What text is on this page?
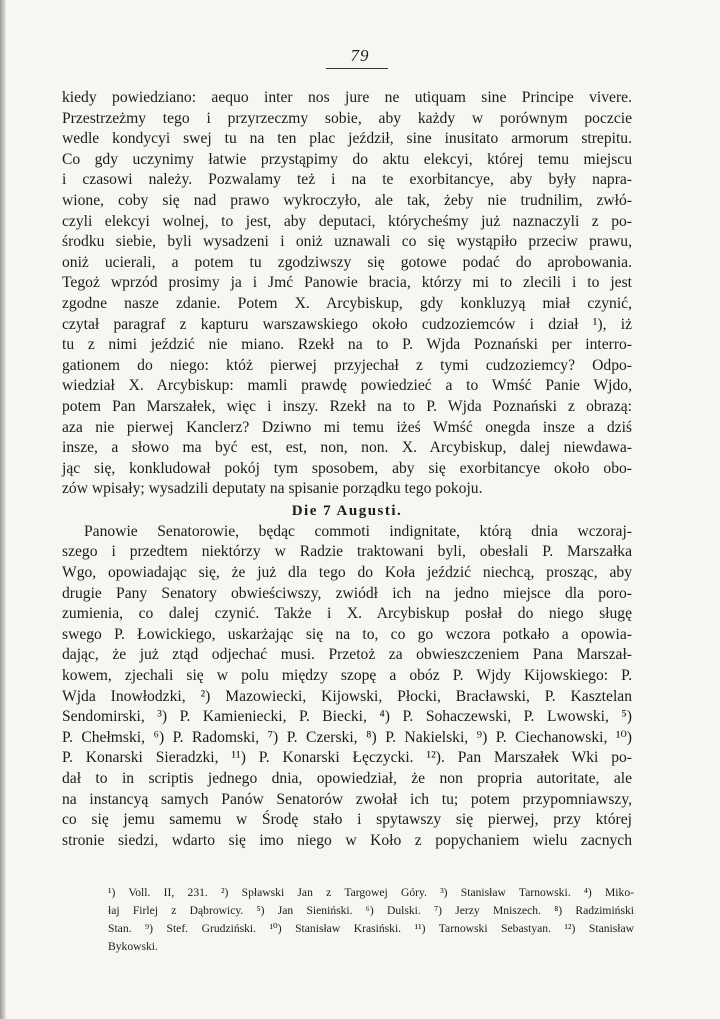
79
kiedy powiedziano: aequo inter nos jure ne utiquam sine Principe vivere.
Przestrzeżmy tego i przyrzeczmy sobie, aby każdy w porównym poczcie
wedle kondycyi swej tu na ten plac jeździł, sine inusitato armorum strepitu.
Co gdy uczynimy łatwie przystąpimy do aktu elekcyi, której temu miejscu
i czasowi należy. Pozwalamy też i na te exorbitancye, aby były napra-
wione, coby się nad prawo wykroczyło, ale tak, żeby nie trudnilim, zwłó-
czyli elekcyi wolnej, to jest, aby deputaci, którycheśmy już naznaczyli z po-
środku siebie, byli wysadzeni i oniż uznawali co się wystąpiło przeciw prawu,
oniż ucierali, a potem tu zgodziwszy się gotowe podać do aprobowania.
Tegoż wprzód prosimy ja i Jmć Panowie bracia, którzy mi to zlecili i to jest
zgodne nasze zdanie. Potem X. Arcybiskup, gdy konkluzyą miał czynić,
czytał paragraf z kapturu warszawskiego około cudzoziemców i dział ¹), iż
tu z nimi jeździć nie miano. Rzekł na to P. Wjda Poznański per interro-
gationem do niego: któż pierwej przyjechał z tymi cudzoziemcy? Odpo-
wiedział X. Arcybiskup: mamli prawdę powiedzieć a to Wmść Panie Wjdo,
potem Pan Marszałek, więc i inszy. Rzekł na to P. Wjda Poznański z obrazą:
aza nie pierwej Kanclerz? Dziwno mi temu iżeś Wmść onegda insze a dziś
insze, a słowo ma być est, est, non, non. X. Arcybiskup, dalej niewdawa-
jąc się, konkludował pokój tym sposobem, aby się exorbitancye około obo-
zów wpisały; wysadzili deputaty na spisanie porządku tego pokoju.
Die 7 Augusti.
Panowie Senatorowie, będąc commoti indignitate, którą dnia wczoraj-
szego i przedtem niektórzy w Radzie traktowani byli, obesłali P. Marszałka
Wgo, opowiadając się, że już dla tego do Koła jeździć niechcą, prosząc, aby
drugie Pany Senatory obwieściwszy, zwiódł ich na jedno miejsce dla poro-
zumienia, co dalej czynić. Także i X. Arcybiskup posłał do niego sługę
swego P. Łowickiego, uskarżając się na to, co go wczora potkało a opowia-
dając, że już ztąd odjechać musi. Przetoż za obwieszczeniem Pana Marszał-
kowem, zjechali się w polu między szopę a obóz P. Wjdy Kijowskiego: P.
Wjda Inowłodzki, ²) Mazowiecki, Kijowski, Płocki, Bracławski, P. Kasztelan
Sendomirski, ³) P. Kamieniecki, P. Biecki, ⁴) P. Sohaczewski, P. Lwowski, ⁵)
P. Chełmski, ⁶) P. Radomski, ⁷) P. Czerski, ⁸) P. Nakielski, ⁹) P. Ciechanowski, ¹⁰)
P. Konarski Sieradzki, ¹¹) P. Konarski Łęczycki. ¹²). Pan Marszałek Wki po-
dał to in scriptis jednego dnia, opowiedział, że non propria autoritate, ale
na instancyą samych Panów Senatorów zwołał ich tu; potem przypomniawszy,
co się jemu samemu w Środę stało i spytawszy się pierwej, przy której
stronie siedzi, wdarto się imo niego w Koło z popychaniem wielu zacnych
¹) Voll. II, 231. ²) Spławski Jan z Targowej Góry. ³) Stanisław Tarnowski. ⁴) Miko-
łaj Firlej z Dąbrowicy. ⁵) Jan Sieniński. ⁶) Dulski. ⁷) Jerzy Mniszech. ⁸) Radzimiński
Stan. ⁹) Stef. Grudziński. ¹⁰) Stanisław Krasiński. ¹¹) Tarnowski Sebastyan. ¹²) Stanisław
Bykowski.
